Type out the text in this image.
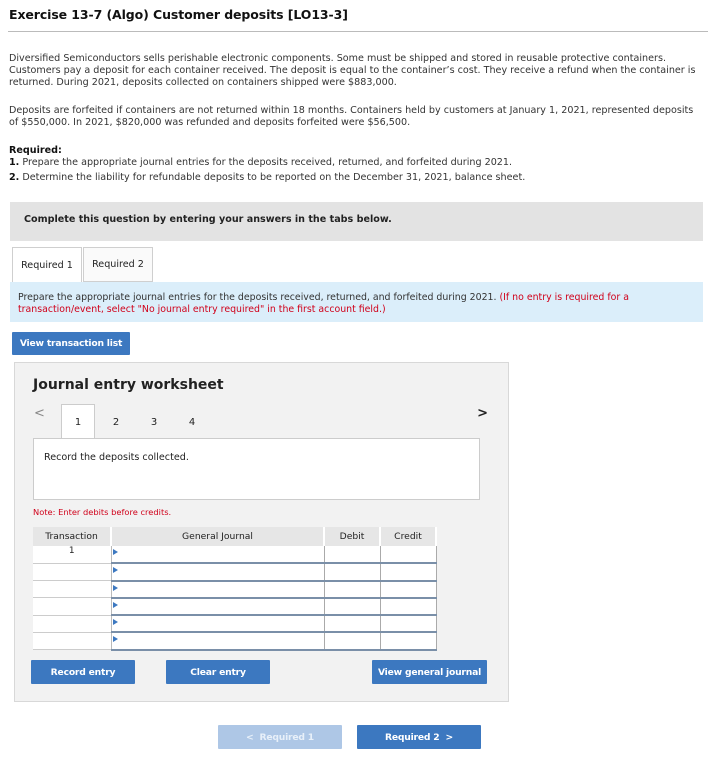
Exercise 13-7 (Algo) Customer deposits [LO13-3]
Diversified Semiconductors sells perishable electronic components. Some must be shipped and stored in reusable protective containers. Customers pay a deposit for each container received. The deposit is equal to the container’s cost. They receive a refund when the container is returned. During 2021, deposits collected on containers shipped were $883,000.
Deposits are forfeited if containers are not returned within 18 months. Containers held by customers at January 1, 2021, represented deposits of $550,000. In 2021, $820,000 was refunded and deposits forfeited were $56,500.
Required:
1. Prepare the appropriate journal entries for the deposits received, returned, and forfeited during 2021.
2. Determine the liability for refundable deposits to be reported on the December 31, 2021, balance sheet.
Complete this question by entering your answers in the tabs below.
Required 1	Required 2
Prepare the appropriate journal entries for the deposits received, returned, and forfeited during 2021. (If no entry is required for a transaction/event, select "No journal entry required" in the first account field.)
View transaction list
Journal entry worksheet
<
1	2	3	4
>
Record the deposits collected.
Note: Enter debits before credits.
Transaction	General Journal	Debit	Credit
1			

Record entry	Clear entry	View general journal
< Required 1	Required 2 >
